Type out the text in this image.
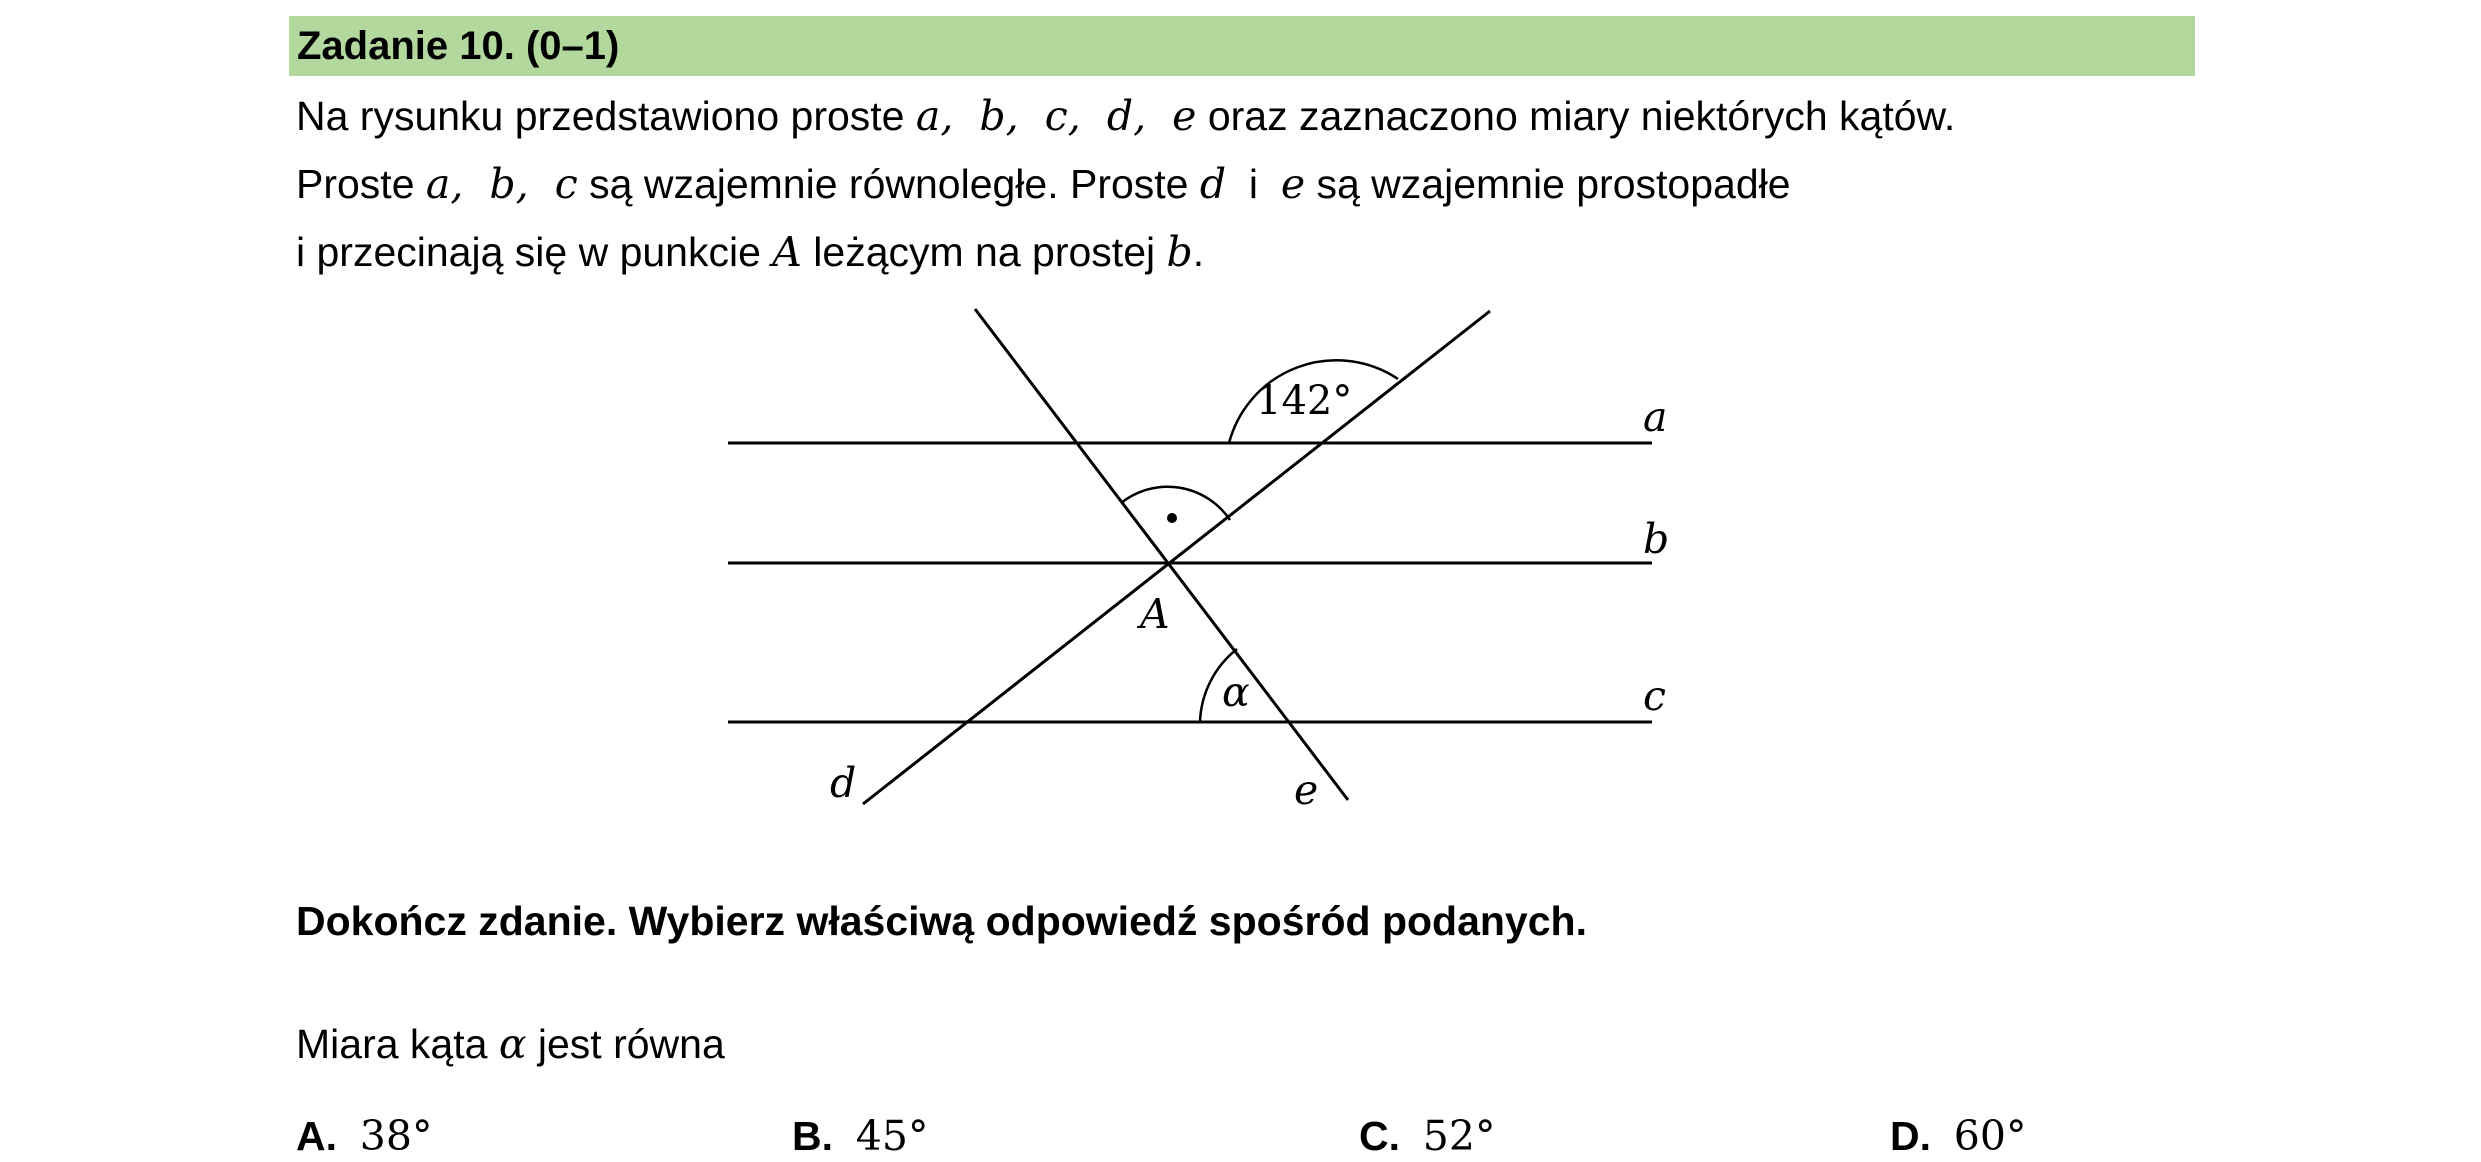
Zadanie 10. (0–1)
Na rysunku przedstawiono proste a,  b,  c,  d,  e oraz zaznaczono miary niektórych kątów.
Proste a,  b,  c są wzajemnie równoległe. Proste d  i  e są wzajemnie prostopadłe
i przecinają się w punkcie A leżącym na prostej b.
a
b
c
d	e
A
α
142°
Dokończ zdanie. Wybierz właściwą odpowiedź spośród podanych.
Miara kąta α jest równa
A. 38°	B. 45°	C. 52°	D. 60°
